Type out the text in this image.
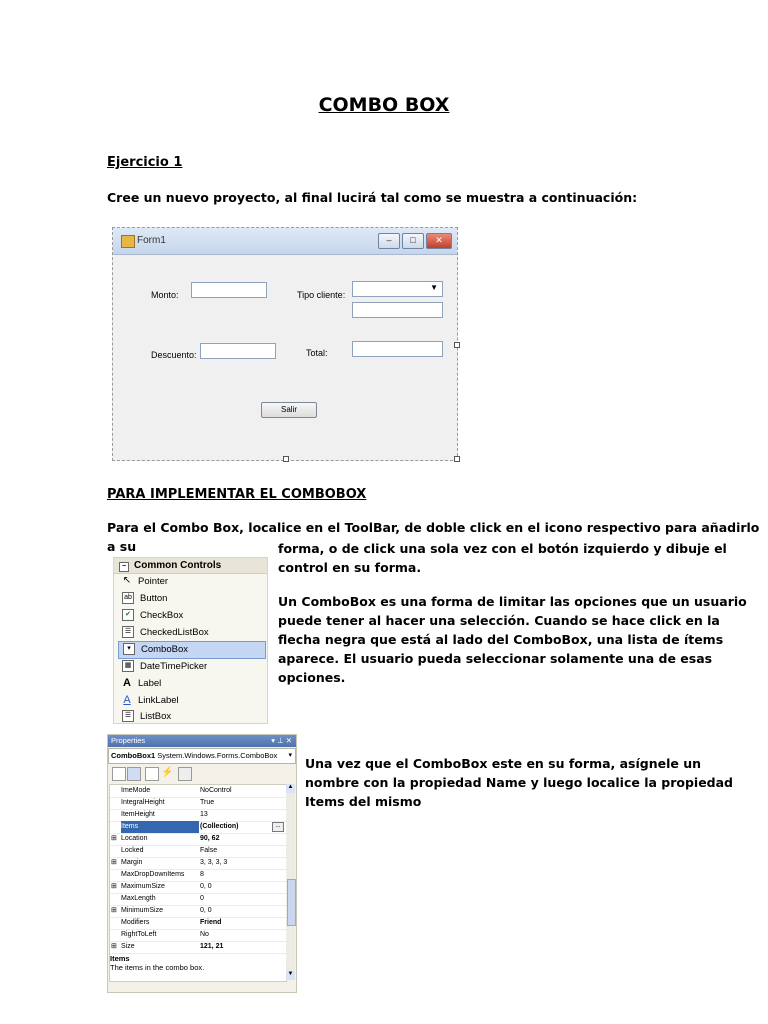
COMBO BOX
Ejercicio 1
Cree un nuevo proyecto, al final lucirá tal como se muestra a continuación:
Form1	–	□	✕
Monto:	Tipo cliente:
▼
Descuento:	Total:
Salir
PARA IMPLEMENTAR EL COMBOBOX
Para el Combo Box, localice en el ToolBar, de doble click en el icono respectivo para añadirlo a su	forma, o de click una sola vez con el botón izquierdo y dibuje el
control en su forma.
Un ComboBox es una forma de limitar las opciones que un usuario
puede tener al hacer una selección. Cuando se hace click en la
flecha negra que está al lado del ComboBox, una lista de ítems
aparece. El usuario pueda seleccionar solamente una de esas
opciones.
Una vez que el ComboBox este en su forma, asígnele un
nombre con la propiedad Name y luego localice la propiedad
Items del mismo
− Common Controls
↖ Pointer
ab Button
✔ CheckBox
☰ CheckedListBox
▾ ComboBox
▦ DateTimePicker
A Label
A LinkLabel
☰ ListBox
Properties	▾ ⊥ ✕
ComboBox1 System.Windows.Forms.ComboBox ▾
⚡
ImeMode	NoControl
IntegralHeight	True
ItemHeight	13
Items	(Collection)	...
⊞ Location	90, 62
Locked	False
⊞ Margin	3, 3, 3, 3
MaxDropDownItems	8
⊞ MaximumSize	0, 0
MaxLength	0
⊞ MinimumSize	0, 0
Modifiers	Friend
RightToLeft	No
⊞ Size	121, 21
▲
▼
Items
The items in the combo box.
